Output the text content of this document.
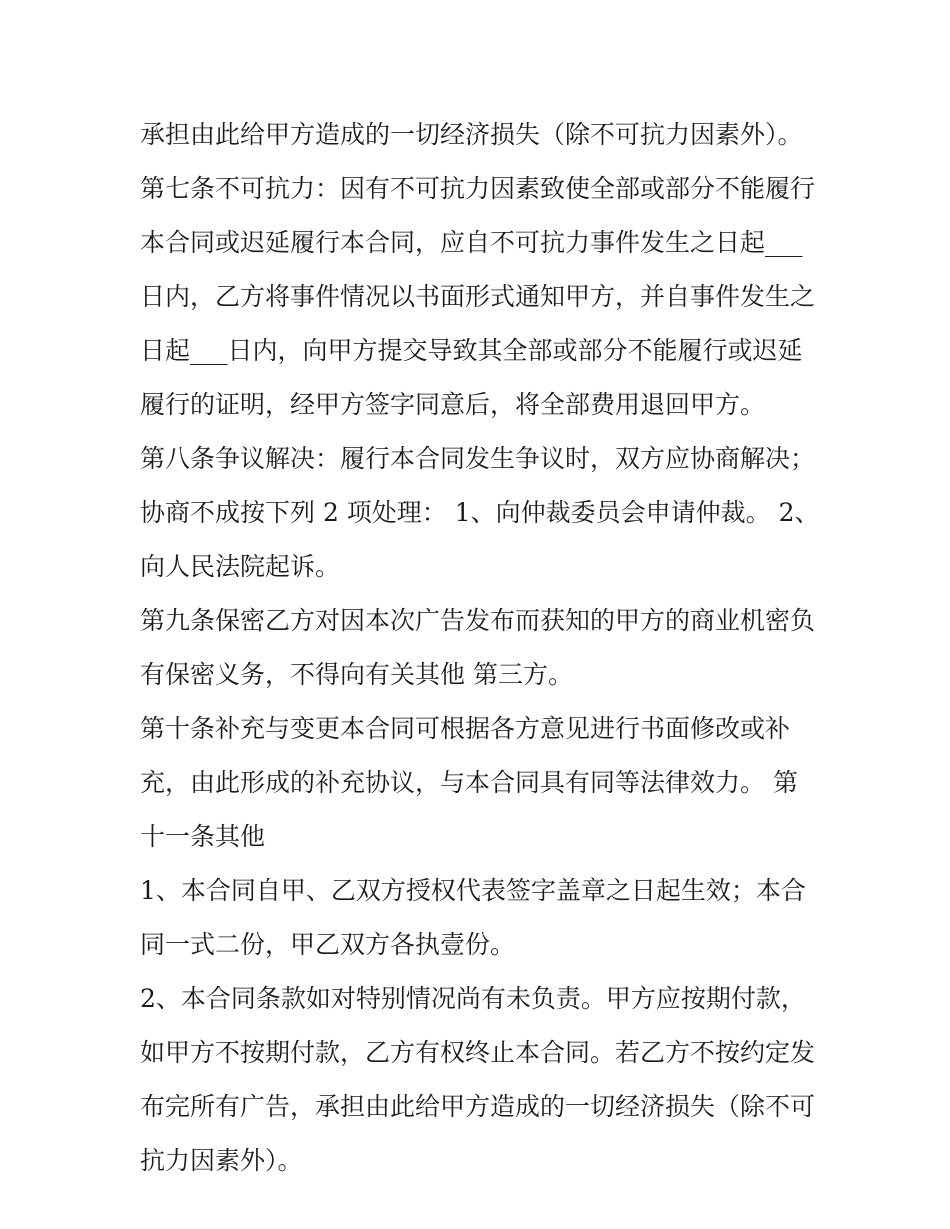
承担由此给甲方造成的一切经济损失（除不可抗力因素外）。
第七条不可抗力：因有不可抗力因素致使全部或部分不能履行
本合同或迟延履行本合同，应自不可抗力事件发生之日起___
日内，乙方将事件情况以书面形式通知甲方，并自事件发生之
日起___日内，向甲方提交导致其全部或部分不能履行或迟延
履行的证明，经甲方签字同意后，将全部费用退回甲方。
第八条争议解决：履行本合同发生争议时，双方应协商解决；
协商不成按下列 2 项处理： 1、向仲裁委员会申请仲裁。 2、
向人民法院起诉。
第九条保密乙方对因本次广告发布而获知的甲方的商业机密负
有保密义务，不得向有关其他 第三方。
第十条补充与变更本合同可根据各方意见进行书面修改或补
充，由此形成的补充协议，与本合同具有同等法律效力。 第
十一条其他
1、本合同自甲、乙双方授权代表签字盖章之日起生效；本合
同一式二份，甲乙双方各执壹份。
2、本合同条款如对特别情况尚有未负责。甲方应按期付款，
如甲方不按期付款，乙方有权终止本合同。若乙方不按约定发
布完所有广告，承担由此给甲方造成的一切经济损失（除不可
抗力因素外）。
